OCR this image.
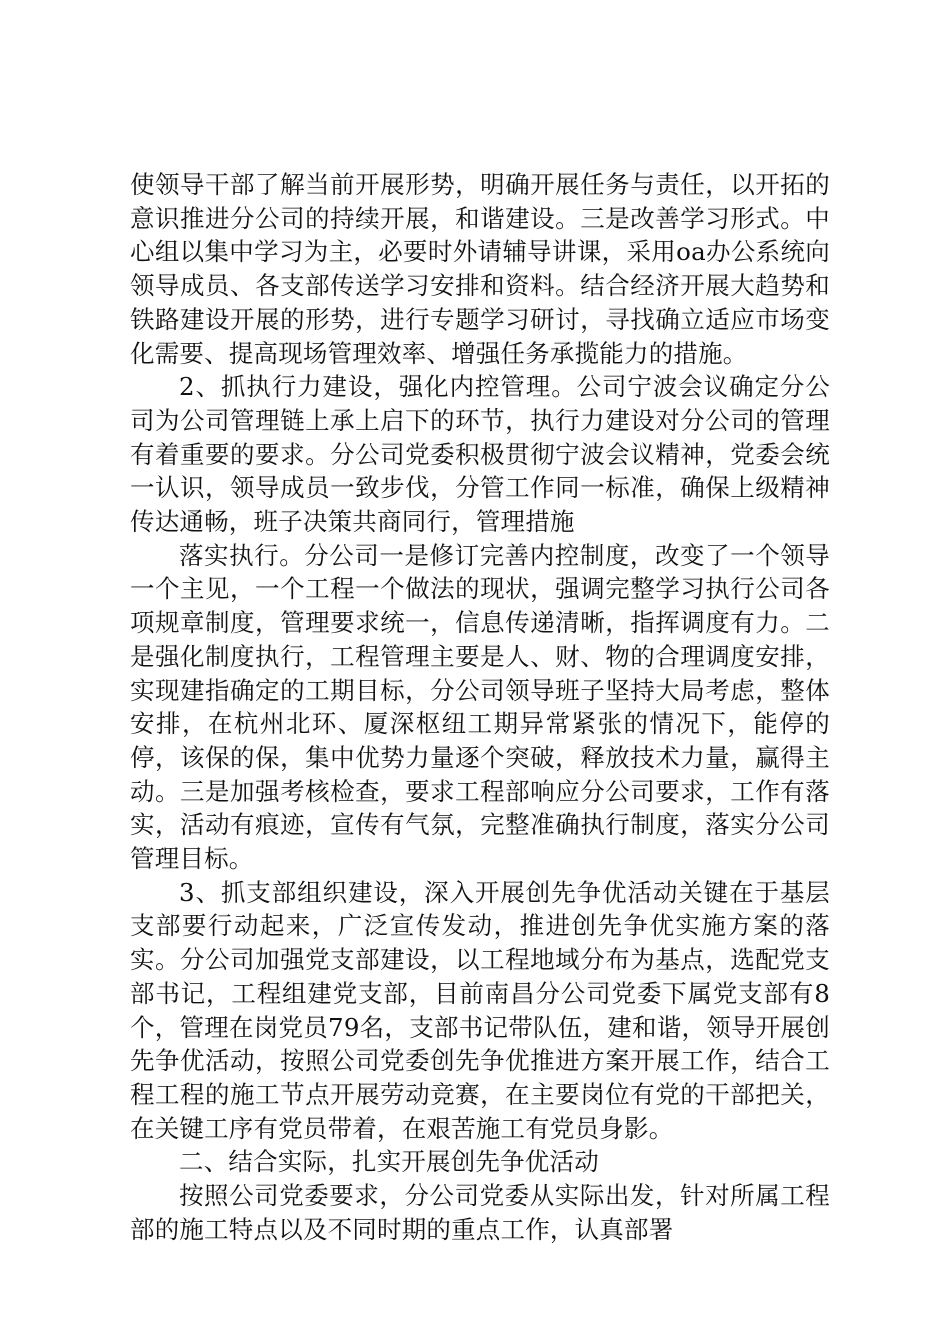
使领导干部了解当前开展形势，明确开展任务与责任，以开拓的意识推进分公司的持续开展，和谐建设。三是改善学习形式。中心组以集中学习为主，必要时外请辅导讲课，采用oa办公系统向领导成员、各支部传送学习安排和资料。结合经济开展大趋势和铁路建设开展的形势，进行专题学习研讨，寻找确立适应市场变化需要、提高现场管理效率、增强任务承揽能力的措施。

2、抓执行力建设，强化内控管理。公司宁波会议确定分公司为公司管理链上承上启下的环节，执行力建设对分公司的管理有着重要的要求。分公司党委积极贯彻宁波会议精神，党委会统一认识，领导成员一致步伐，分管工作同一标准，确保上级精神传达通畅，班子决策共商同行，管理措施

落实执行。分公司一是修订完善内控制度，改变了一个领导一个主见，一个工程一个做法的现状，强调完整学习执行公司各项规章制度，管理要求统一，信息传递清晰，指挥调度有力。二是强化制度执行，工程管理主要是人、财、物的合理调度安排，实现建指确定的工期目标，分公司领导班子坚持大局考虑，整体安排，在杭州北环、厦深枢纽工期异常紧张的情况下，能停的停，该保的保，集中优势力量逐个突破，释放技术力量，赢得主动。三是加强考核检查，要求工程部响应分公司要求，工作有落实，活动有痕迹，宣传有气氛，完整准确执行制度，落实分公司管理目标。

3、抓支部组织建设，深入开展创先争优活动关键在于基层支部要行动起来，广泛宣传发动，推进创先争优实施方案的落实。分公司加强党支部建设，以工程地域分布为基点，选配党支部书记，工程组建党支部，目前南昌分公司党委下属党支部有8个，管理在岗党员79名，支部书记带队伍，建和谐，领导开展创先争优活动，按照公司党委创先争优推进方案开展工作，结合工程工程的施工节点开展劳动竞赛，在主要岗位有党的干部把关，在关键工序有党员带着，在艰苦施工有党员身影。

二、结合实际，扎实开展创先争优活动

按照公司党委要求，分公司党委从实际出发，针对所属工程部的施工特点以及不同时期的重点工作，认真部署
